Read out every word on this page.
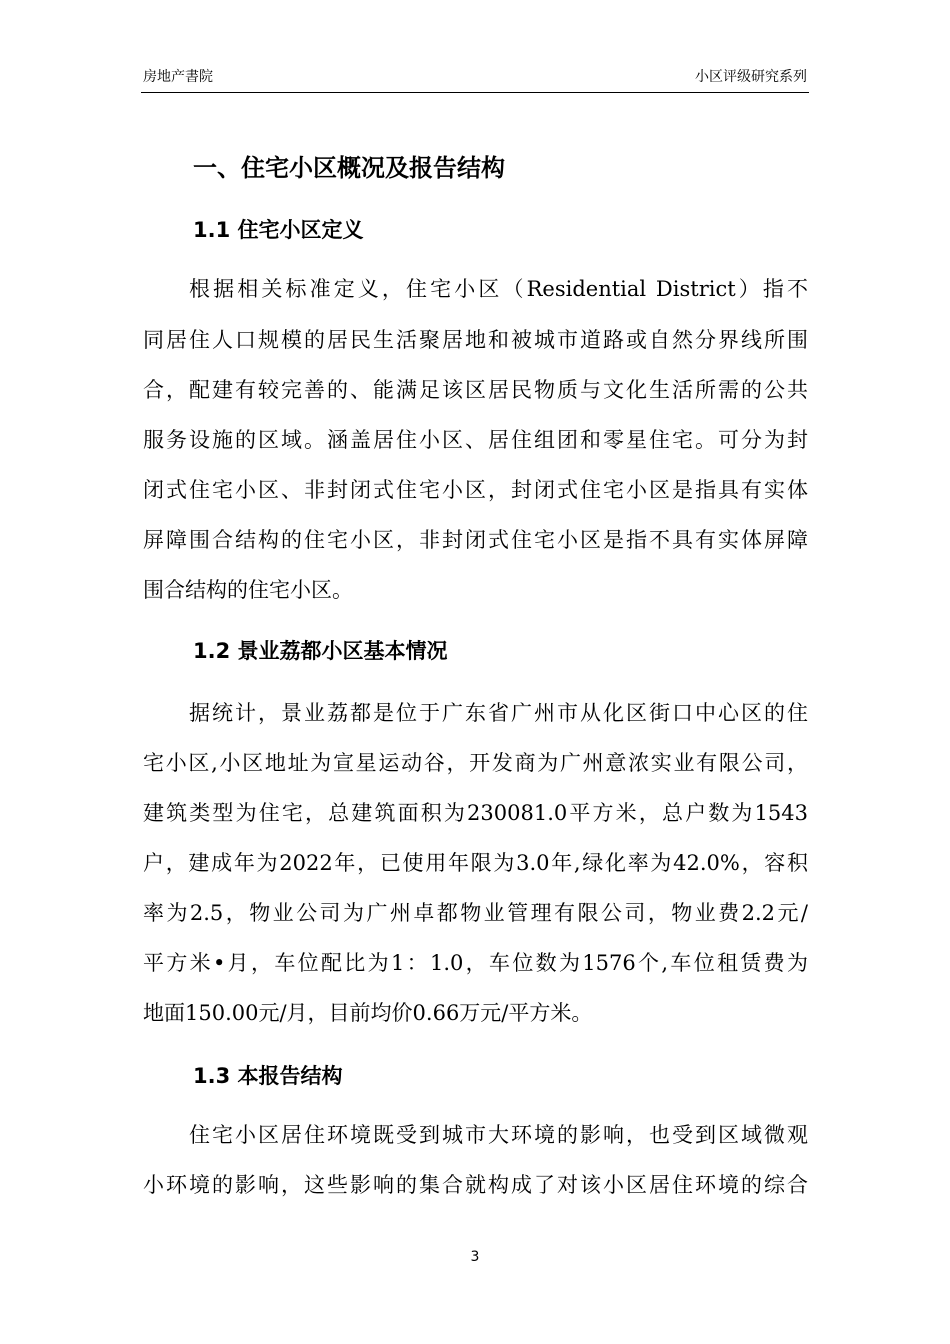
房地产書院	小区评级研究系列
一、住宅小区概况及报告结构
1.1 住宅小区定义
根据相关标准定义，住宅小区（Residential District）指不
同居住人口规模的居民生活聚居地和被城市道路或自然分界线所围
合，配建有较完善的、能满足该区居民物质与文化生活所需的公共
服务设施的区域。涵盖居住小区、居住组团和零星住宅。可分为封
闭式住宅小区、非封闭式住宅小区，封闭式住宅小区是指具有实体
屏障围合结构的住宅小区，非封闭式住宅小区是指不具有实体屏障
围合结构的住宅小区。
1.2 景业荔都小区基本情况
据统计，景业荔都是位于广东省广州市从化区街口中心区的住
宅小区,小区地址为宣星运动谷，开发商为广州意浓实业有限公司，
建筑类型为住宅，总建筑面积为230081.0平方米，总户数为1543
户，建成年为2022年，已使用年限为3.0年,绿化率为42.0%，容积
率为2.5，物业公司为广州卓都物业管理有限公司，物业费2.2元/
平方米•月，车位配比为1：1.0，车位数为1576个,车位租赁费为
地面150.00元/月，目前均价0.66万元/平方米。
1.3 本报告结构
住宅小区居住环境既受到城市大环境的影响，也受到区域微观
小环境的影响，这些影响的集合就构成了对该小区居住环境的综合
3
